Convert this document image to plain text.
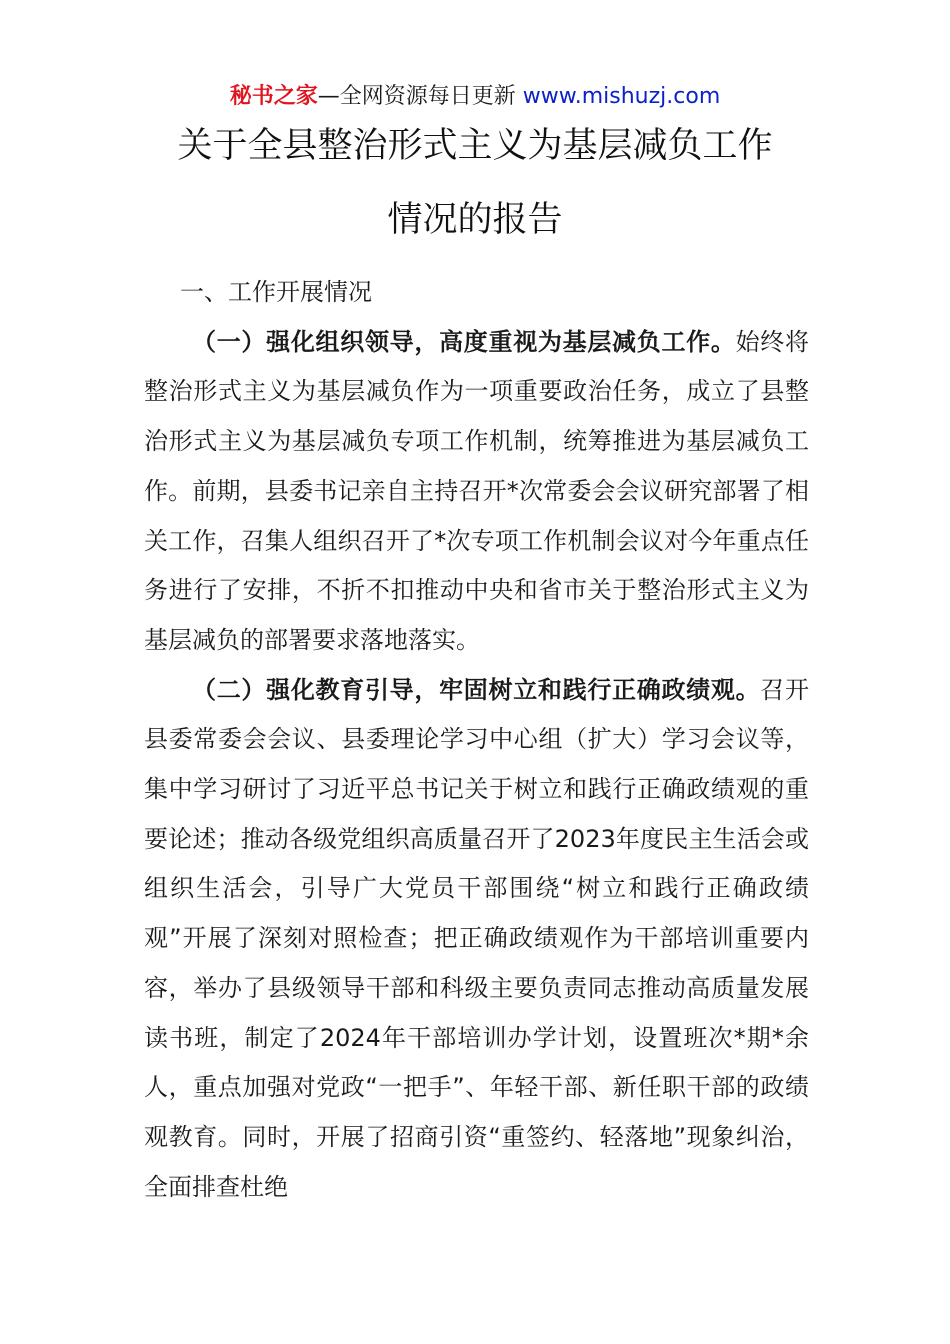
秘书之家—全网资源每日更新 www.mishuzj.com
关于全县整治形式主义为基层减负工作
情况的报告

一、工作开展情况

（一）强化组织领导，高度重视为基层减负工作。始终将整治形式主义为基层减负作为一项重要政治任务，成立了县整治形式主义为基层减负专项工作机制，统筹推进为基层减负工作。前期，县委书记亲自主持召开*次常委会会议研究部署了相关工作，召集人组织召开了*次专项工作机制会议对今年重点任务进行了安排，不折不扣推动中央和省市关于整治形式主义为基层减负的部署要求落地落实。

（二）强化教育引导，牢固树立和践行正确政绩观。召开县委常委会会议、县委理论学习中心组（扩大）学习会议等，集中学习研讨了习近平总书记关于树立和践行正确政绩观的重要论述；推动各级党组织高质量召开了2023年度民主生活会或组织生活会，引导广大党员干部围绕“树立和践行正确政绩观”开展了深刻对照检查；把正确政绩观作为干部培训重要内容，举办了县级领导干部和科级主要负责同志推动高质量发展读书班，制定了2024年干部培训办学计划，设置班次*期*余人，重点加强对党政“一把手”、年轻干部、新任职干部的政绩观教育。同时，开展了招商引资“重签约、轻落地”现象纠治，全面排查杜绝
